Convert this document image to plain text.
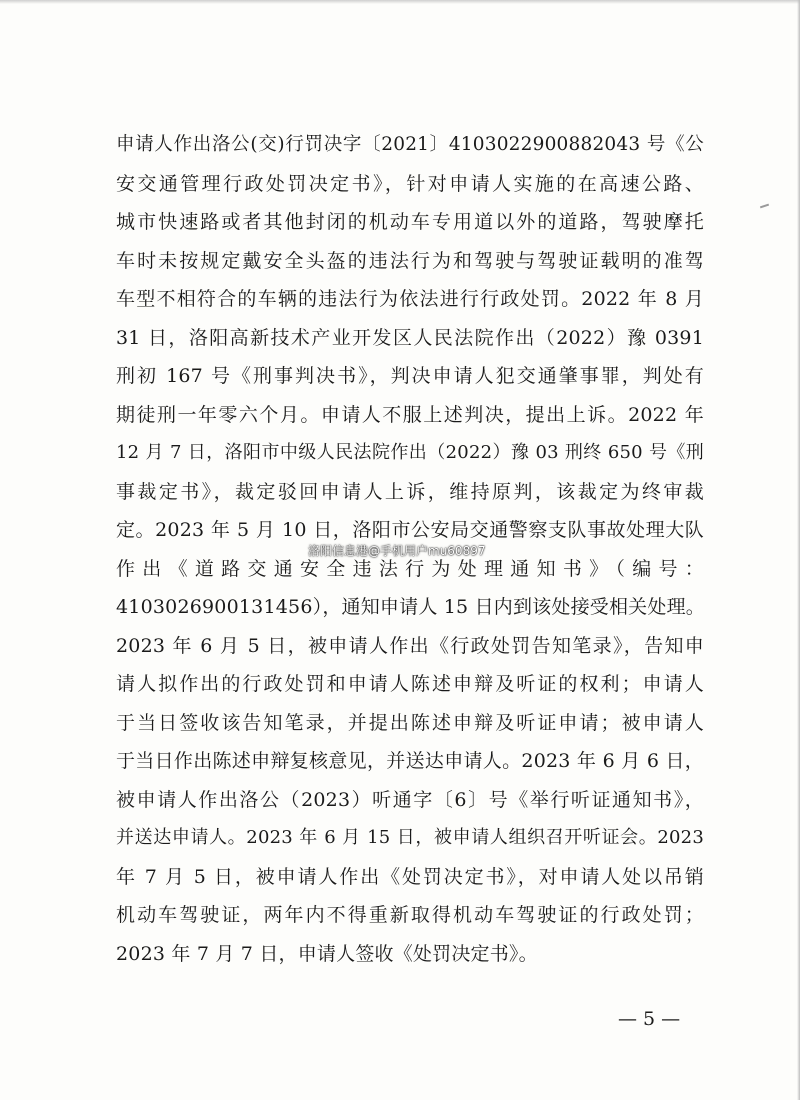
申请人作出洛公(交)行罚决字〔2021〕4103022900882043 号《公
安交通管理行政处罚决定书》，针对申请人实施的在高速公路、
城市快速路或者其他封闭的机动车专用道以外的道路，驾驶摩托
车时未按规定戴安全头盔的违法行为和驾驶与驾驶证载明的准驾
车型不相符合的车辆的违法行为依法进行行政处罚。2022 年 8 月
31 日，洛阳高新技术产业开发区人民法院作出（2022）豫 0391
刑初 167 号《刑事判决书》，判决申请人犯交通肇事罪，判处有
期徒刑一年零六个月。申请人不服上述判决，提出上诉。2022 年
12 月 7 日，洛阳市中级人民法院作出（2022）豫 03 刑终 650 号《刑
事裁定书》，裁定驳回申请人上诉，维持原判，该裁定为终审裁
定。2023 年 5 月 10 日，洛阳市公安局交通警察支队事故处理大队
作出《道路交通安全违法行为处理通知书》（编号：
4103026900131456），通知申请人 15 日内到该处接受相关处理。
2023 年 6 月 5 日，被申请人作出《行政处罚告知笔录》，告知申
请人拟作出的行政处罚和申请人陈述申辩及听证的权利；申请人
于当日签收该告知笔录，并提出陈述申辩及听证申请；被申请人
于当日作出陈述申辩复核意见，并送达申请人。2023 年 6 月 6 日，
被申请人作出洛公（2023）听通字〔6〕号《举行听证通知书》，
并送达申请人。2023 年 6 月 15 日，被申请人组织召开听证会。2023
年 7 月 5 日，被申请人作出《处罚决定书》，对申请人处以吊销
机动车驾驶证，两年内不得重新取得机动车驾驶证的行政处罚；
2023 年 7 月 7 日，申请人签收《处罚决定书》。
洛阳信息港@手机用户mu60897
— 5 —
